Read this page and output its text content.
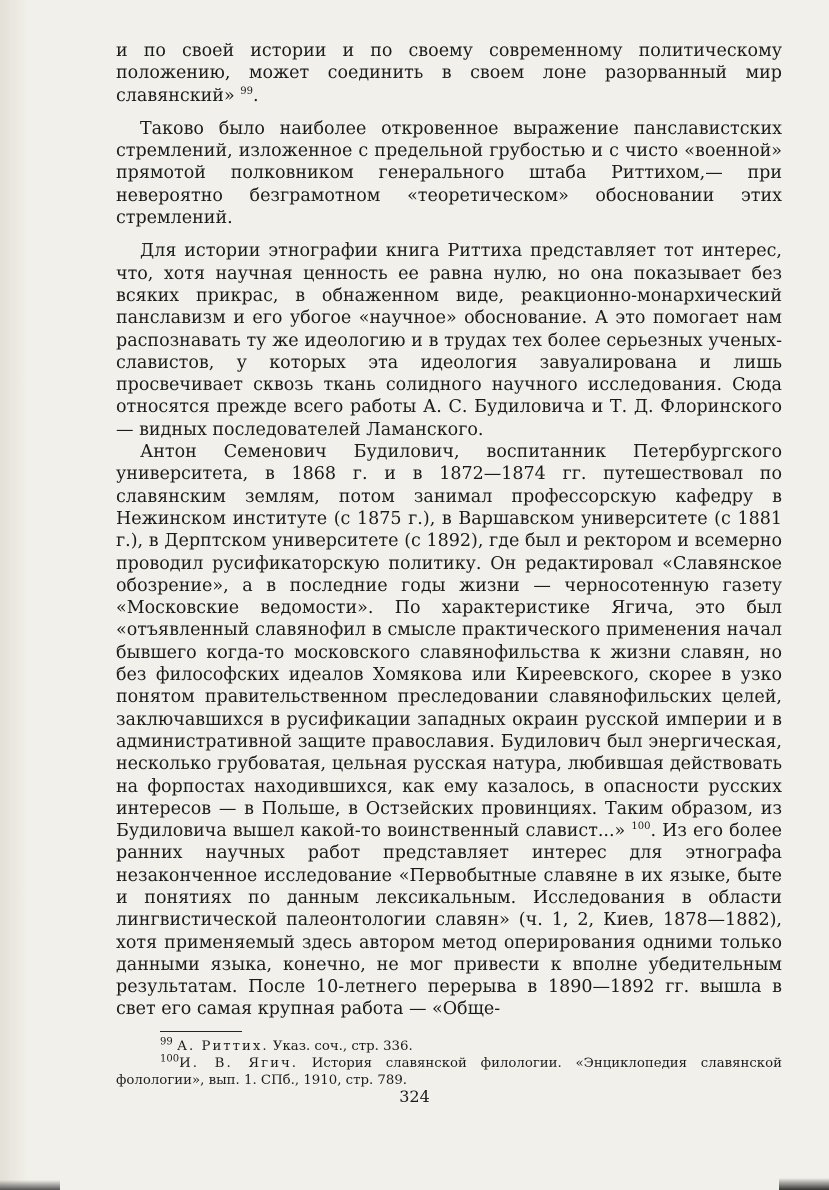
и по своей истории и по своему современному политическому положению, может соединить в своем лоне разорванный мир славянский» $^{99}$.

Таково было наиболее откровенное выражение панславистских стремлений, изложенное с предельной грубостью и с чисто «военной» прямотой полковником генерального штаба Риттихом,— при невероятно безграмотном «теоретическом» обосновании этих стремлений.

Для истории этнографии книга Риттиха представляет тот интерес, что, хотя научная ценность ее равна нулю, но она показывает без всяких прикрас, в обнаженном виде, реакционно-монархический панславизм и его убогое «научное» обоснование. А это помогает нам распознавать ту же идеологию и в трудах тех более серьезных ученых-славистов, у которых эта идеология завуалирована и лишь просвечивает сквозь ткань солидного научного исследования. Сюда относятся прежде всего работы А. С. Будиловича и Т. Д. Флоринского — видных последователей Ламанского.

Антон Семенович Будилович, воспитанник Петербургского университета, в 1868 г. и в 1872—1874 гг. путешествовал по славянским землям, потом занимал профессорскую кафедру в Нежинском институте (с 1875 г.), в Варшавском университете (с 1881 г.), в Дерптском университете (с 1892), где был и ректором и всемерно проводил русификаторскую политику. Он редактировал «Славянское обозрение», а в последние годы жизни — черносотенную газету «Московские ведомости». По характеристике Ягича, это был «отъявленный славянофил в смысле практического применения начал бывшего когда-то московского славянофильства к жизни славян, но без философских идеалов Хомякова или Киреевского, скорее в узко понятом правительственном преследовании славянофильских целей, заключавшихся в русификации западных окраин русской империи и в административной защите православия. Будилович был энергическая, несколько грубоватая, цельная русская натура, любившая действовать на форпостах находившихся, как ему казалось, в опасности русских интересов — в Польше, в Остзейских провинциях. Таким образом, из Будиловича вышел какой-то воинственный славист...» $^{100}$. Из его более ранних научных работ представляет интерес для этнографа незаконченное исследование «Первобытные славяне в их языке, быте и понятиях по данным лексикальным. Исследования в области лингвистической палеонтологии славян» (ч. 1, 2, Киев, 1878—1882), хотя применяемый здесь автором метод оперирования одними только данными языка, конечно, не мог привести к вполне убедительным результатам. После 10-летнего перерыва в 1890—1892 гг. вышла в свет его самая крупная работа — «Обще-

$^{99}$ А. Риттих. Указ. соч., стр. 336.

$^{100}$И. В. Ягич. История славянской филологии. «Энциклопедия славянской фолологии», вып. 1. СПб., 1910, стр. 789.

324
